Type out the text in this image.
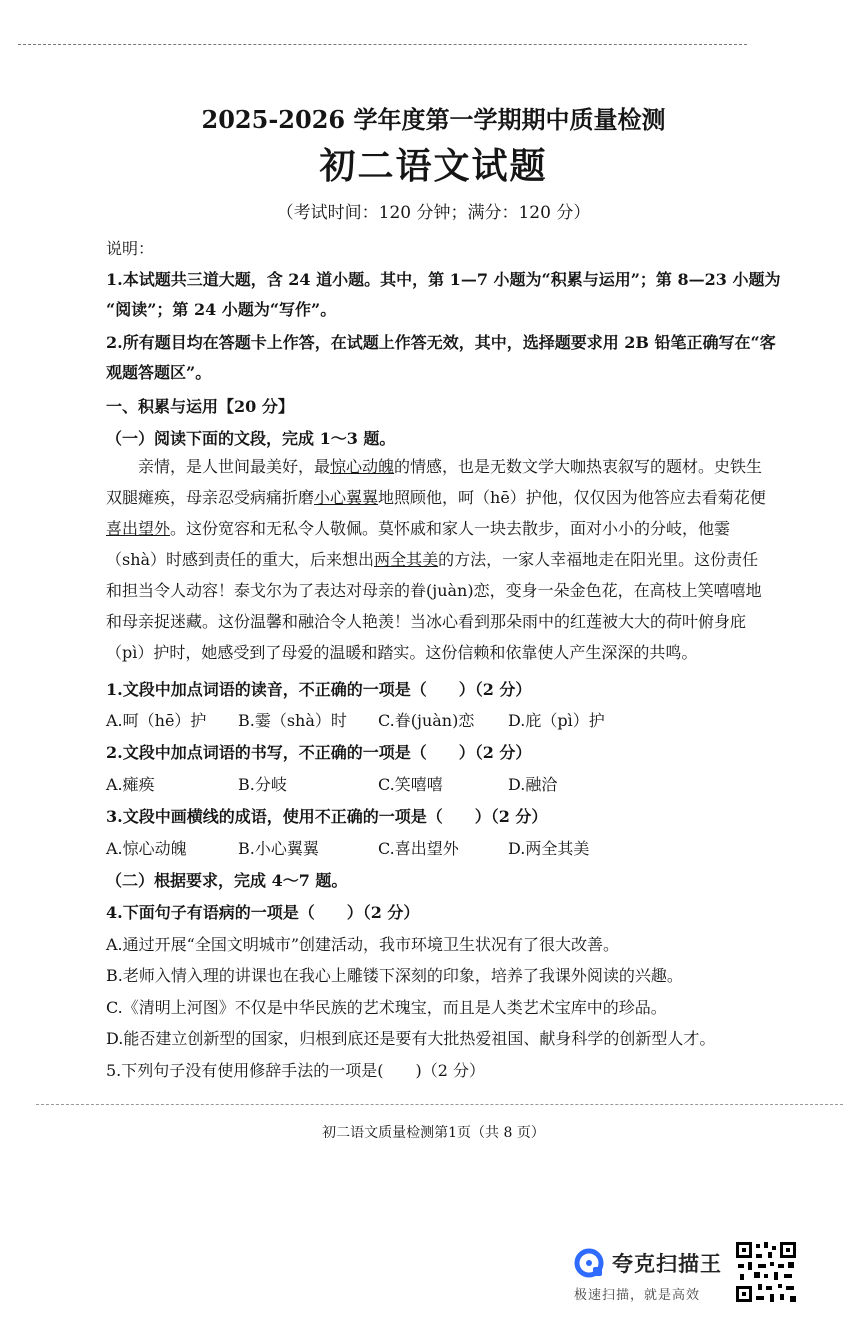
2025-2026 学年度第一学期期中质量检测
初二语文试题
（考试时间：120 分钟；满分：120 分）
说明：
1.本试题共三道大题，含 24 道小题。其中，第 1—7 小题为“积累与运用”；第 8—23 小题为
“阅读”；第 24 小题为“写作”。
2.所有题目均在答题卡上作答，在试题上作答无效，其中，选择题要求用 2B 铅笔正确写在“客
观题答题区”。
一、积累与运用【20 分】
（一）阅读下面的文段，完成 1～3 题。
亲情，是人世间最美好，最惊心动魄的情感，也是无数文学大咖热衷叙写的题材。史铁生双腿瘫痪，母亲忍受病痛折磨小心翼翼地照顾他，呵（hē）护他，仅仅因为他答应去看菊花便喜出望外。这份宽容和无私令人敬佩。莫怀戚和家人一块去散步，面对小小的分岐，他霎（shà）时感到责任的重大，后来想出两全其美的方法，一家人幸福地走在阳光里。这份责任和担当令人动容！泰戈尔为了表达对母亲的眷(juàn)恋，变身一朵金色花，在高枝上笑嘻嘻地和母亲捉迷藏。这份温馨和融洽令人艳羡！当冰心看到那朵雨中的红莲被大大的荷叶俯身庇（pì）护时，她感受到了母爱的温暖和踏实。这份信赖和依靠使人产生深深的共鸣。
1.文段中加点词语的读音，不正确的一项是（　　）（2 分）
A.呵（hē）护 B.霎（shà）时 C.眷(juàn)恋 D.庇（pì）护
2.文段中加点词语的书写，不正确的一项是（　　）（2 分）
A.瘫痪	B.分岐	C.笑嘻嘻	D.融洽
3.文段中画横线的成语，使用不正确的一项是（　　）（2 分）
A.惊心动魄	B.小心翼翼	C.喜出望外	D.两全其美
（二）根据要求，完成 4～7 题。
4.下面句子有语病的一项是（　　）（2 分）
A.通过开展“全国文明城市”创建活动，我市环境卫生状况有了很大改善。
B.老师入情入理的讲课也在我心上雕镂下深刻的印象，培养了我课外阅读的兴趣。
C.《清明上河图》不仅是中华民族的艺术瑰宝，而且是人类艺术宝库中的珍品。
D.能否建立创新型的国家，归根到底还是要有大批热爱祖国、献身科学的创新型人才。
5.下列句子没有使用修辞手法的一项是(　　)（2 分）
初二语文质量检测第1页（共 8 页）
夸克扫描王
极速扫描，就是高效
